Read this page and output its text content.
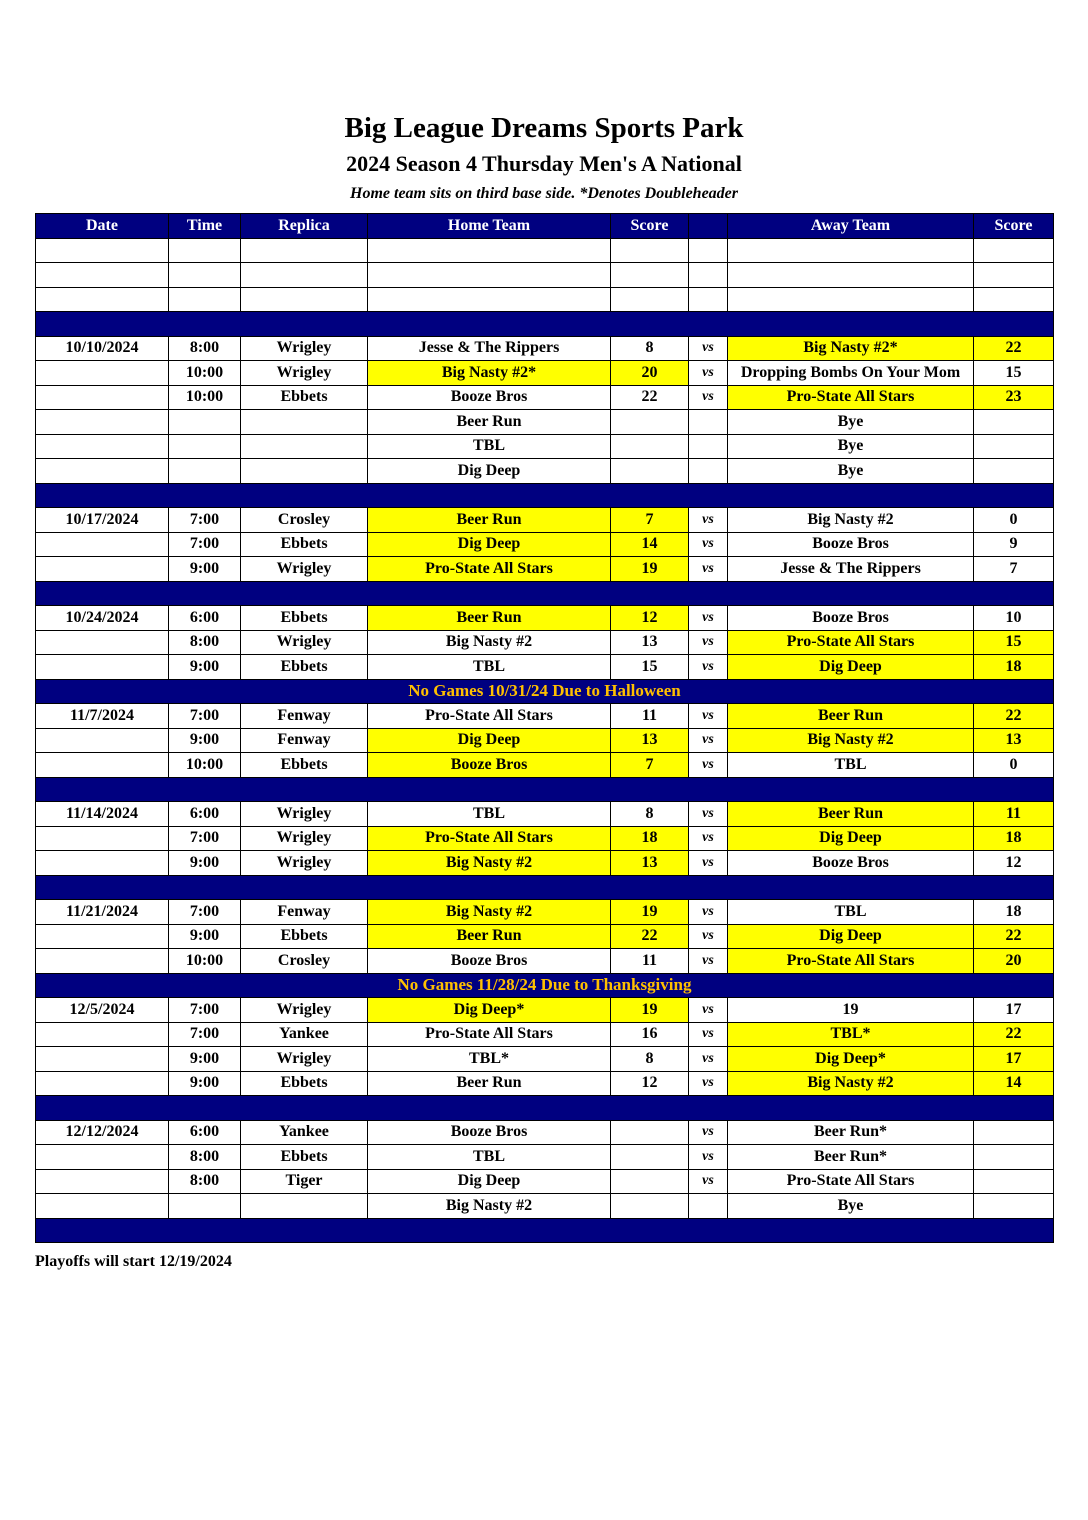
Big League Dreams Sports Park
2024 Season 4 Thursday Men's A National
Home team sits on third base side. *Denotes Doubleheader
Date	Time	Replica	Home Team	Score		Away Team	Score

10/10/2024	8:00	Wrigley	Jesse & The Rippers	8	vs	Big Nasty #2*	22
	10:00	Wrigley	Big Nasty #2*	20	vs	Dropping Bombs On Your Mom	15
	10:00	Ebbets	Booze Bros	22	vs	Pro-State All Stars	23
			Beer Run			Bye	
			TBL			Bye	
			Dig Deep			Bye	

10/17/2024	7:00	Crosley	Beer Run	7	vs	Big Nasty #2	0
	7:00	Ebbets	Dig Deep	14	vs	Booze Bros	9
	9:00	Wrigley	Pro-State All Stars	19	vs	Jesse & The Rippers	7

10/24/2024	6:00	Ebbets	Beer Run	12	vs	Booze Bros	10
	8:00	Wrigley	Big Nasty #2	13	vs	Pro-State All Stars	15
	9:00	Ebbets	TBL	15	vs	Dig Deep	18
No Games 10/31/24 Due to Halloween							
11/7/2024	7:00	Fenway	Pro-State All Stars	11	vs	Beer Run	22
	9:00	Fenway	Dig Deep	13	vs	Big Nasty #2	13
	10:00	Ebbets	Booze Bros	7	vs	TBL	0

11/14/2024	6:00	Wrigley	TBL	8	vs	Beer Run	11
	7:00	Wrigley	Pro-State All Stars	18	vs	Dig Deep	18
	9:00	Wrigley	Big Nasty #2	13	vs	Booze Bros	12

11/21/2024	7:00	Fenway	Big Nasty #2	19	vs	TBL	18
	9:00	Ebbets	Beer Run	22	vs	Dig Deep	22
	10:00	Crosley	Booze Bros	11	vs	Pro-State All Stars	20
No Games 11/28/24 Due to Thanksgiving							
12/5/2024	7:00	Wrigley	Dig Deep*	19	vs	19	17
	7:00	Yankee	Pro-State All Stars	16	vs	TBL*	22
	9:00	Wrigley	TBL*	8	vs	Dig Deep*	17
	9:00	Ebbets	Beer Run	12	vs	Big Nasty #2	14

12/12/2024	6:00	Yankee	Booze Bros		vs	Beer Run*	
	8:00	Ebbets	TBL		vs	Beer Run*	
	8:00	Tiger	Dig Deep		vs	Pro-State All Stars	
			Big Nasty #2			Bye	

Playoffs will start 12/19/2024
